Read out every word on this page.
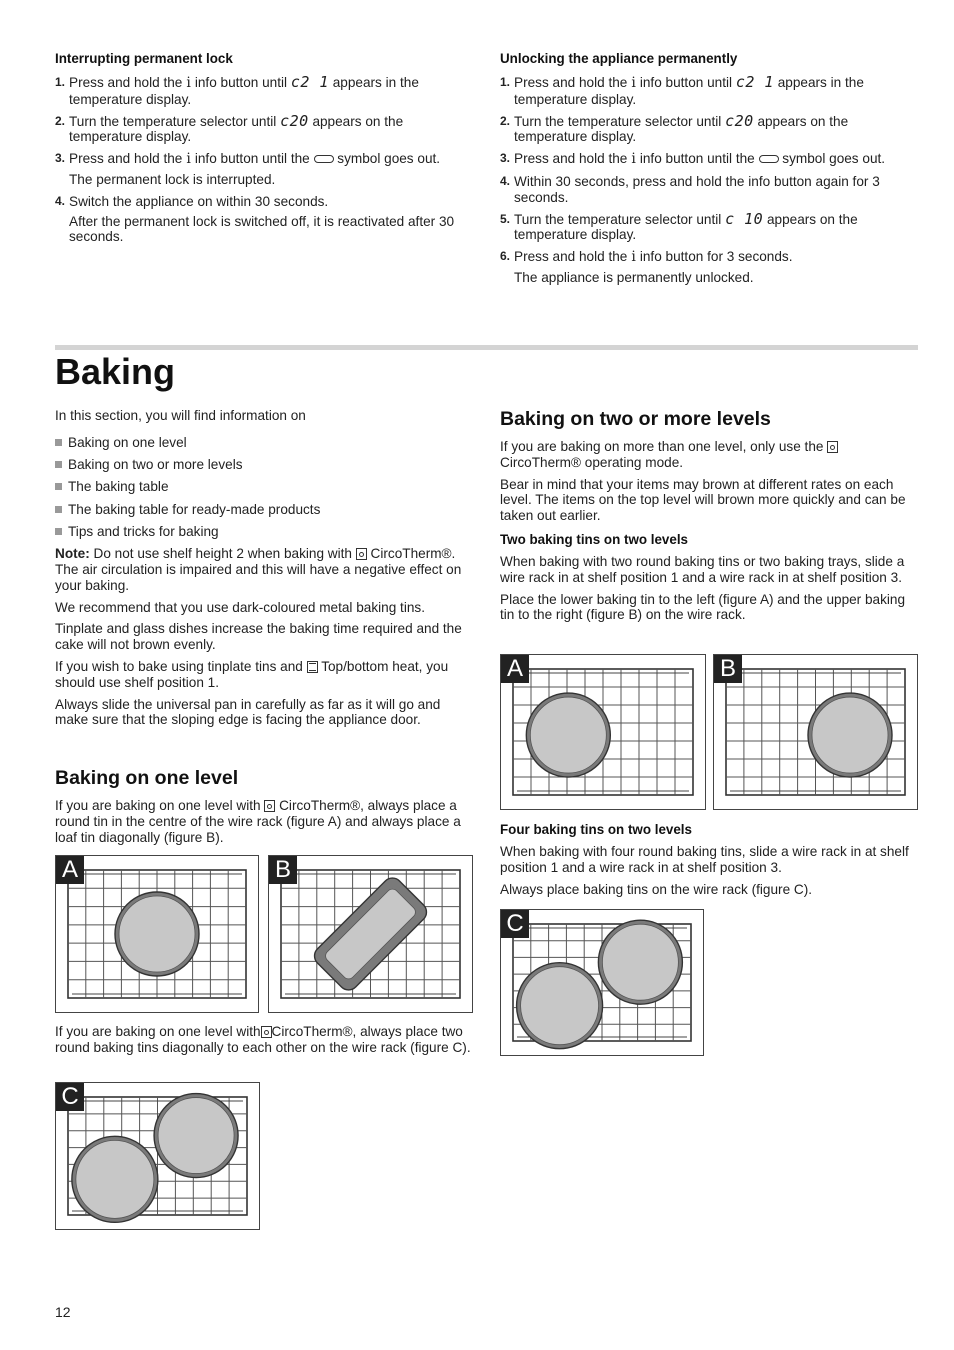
Interrupting permanent lock
1. Press and hold the i info button until c2 1 appears in the temperature display.
2. Turn the temperature selector until c20 appears on the temperature display.
3. Press and hold the i info button until the symbol goes out.
The permanent lock is interrupted.
4. Switch the appliance on within 30 seconds.
After the permanent lock is switched off, it is reactivated after 30 seconds.
Unlocking the appliance permanently
1. Press and hold the i info button until c2 1 appears in the temperature display.
2. Turn the temperature selector until c20 appears on the temperature display.
3. Press and hold the i info button until the symbol goes out.
4. Within 30 seconds, press and hold the info button again for 3 seconds.
5. Turn the temperature selector until c 10 appears on the temperature display.
6. Press and hold the i info button for 3 seconds.
The appliance is permanently unlocked.
Baking

In this section, you will find information on

Baking on one level
Baking on two or more levels
The baking table
The baking table for ready-made products
Tips and tricks for baking

Note: Do not use shelf height 2 when baking with CircoTherm®. The air circulation is impaired and this will have a negative effect on your baking.

We recommend that you use dark-coloured metal baking tins.

Tinplate and glass dishes increase the baking time required and the cake will not brown evenly.

If you wish to bake using tinplate tins and Top/bottom heat, you should use shelf position 1.

Always slide the universal pan in carefully as far as it will go and make sure that the sloping edge is facing the appliance door.

Baking on one level

If you are baking on one level with CircoTherm®, always place a round tin in the centre of the wire rack (figure A) and always place a loaf tin diagonally (figure B).

If you are baking on one level with CircoTherm®, always place two round baking tins diagonally to each other on the wire rack (figure C).

Baking on two or more levels

If you are baking on more than one level, only use the  CircoTherm® operating mode.

Bear in mind that your items may brown at different rates on each level. The items on the top level will brown more quickly and can be taken out earlier.

Two baking tins on two levels

When baking with two round baking tins or two baking trays, slide a wire rack in at shelf position 1 and a wire rack in at shelf position 3.

Place the lower baking tin to the left (figure A) and the upper baking tin to the right (figure B) on the wire rack.

Four baking tins on two levels

When baking with four round baking tins, slide a wire rack in at shelf position 1 and a wire rack in at shelf position 3.

Always place baking tins on the wire rack (figure C).

A	B
C
A	B
C
12
